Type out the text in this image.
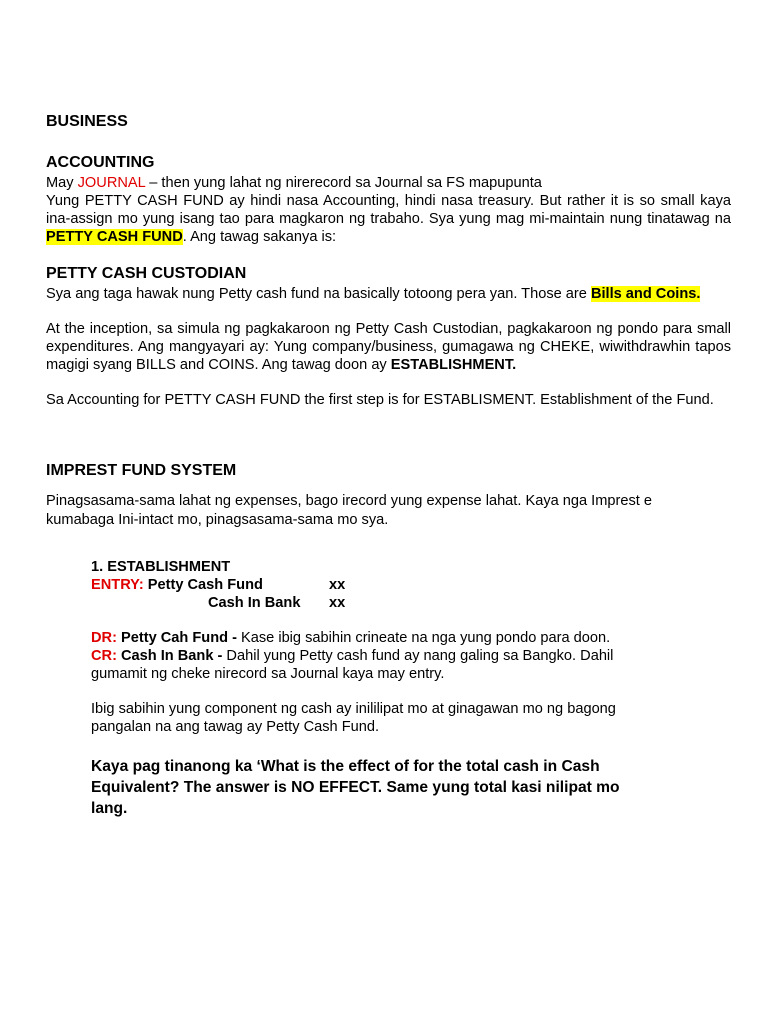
BUSINESS

ACCOUNTING

May JOURNAL – then yung lahat ng nirerecord sa Journal sa FS mapupunta

Yung PETTY CASH FUND ay hindi nasa Accounting, hindi nasa treasury. But rather it is so small kaya ina-assign mo yung isang tao para magkaron ng trabaho. Sya yung mag mi-maintain nung tinatawag na PETTY CASH FUND. Ang tawag sakanya is:

PETTY CASH CUSTODIAN

Sya ang taga hawak nung Petty cash fund na basically totoong pera yan. Those are Bills and Coins.

At the inception, sa simula ng pagkakaroon ng Petty Cash Custodian, pagkakaroon ng pondo para small expenditures. Ang mangyayari ay: Yung company/business, gumagawa ng CHEKE, wiwithdrawhin tapos magigi syang BILLS and COINS. Ang tawag doon ay ESTABLISHMENT.

Sa Accounting for PETTY CASH FUND the first step is for ESTABLISMENT. Establishment of the Fund.

IMPREST FUND SYSTEM

Pinagsasama-sama lahat ng expenses, bago irecord yung expense lahat. Kaya nga Imprest e kumabaga Ini-intact mo, pinagsasama-sama mo sya.

1. ESTABLISHMENT

ENTRY: Petty Cash Fund	xx
Cash In Bank xx

DR: Petty Cah Fund - Kase ibig sabihin crineate na nga yung pondo para doon.

CR: Cash In Bank - Dahil yung Petty cash fund ay nang galing sa Bangko. Dahil gumamit ng cheke nirecord sa Journal kaya may entry.

Ibig sabihin yung component ng cash ay inililipat mo at ginagawan mo ng bagong pangalan na ang tawag ay Petty Cash Fund.

Kaya pag tinanong ka ‘What is the effect of for the total cash in Cash Equivalent? The answer is NO EFFECT. Same yung total kasi nilipat mo lang.
